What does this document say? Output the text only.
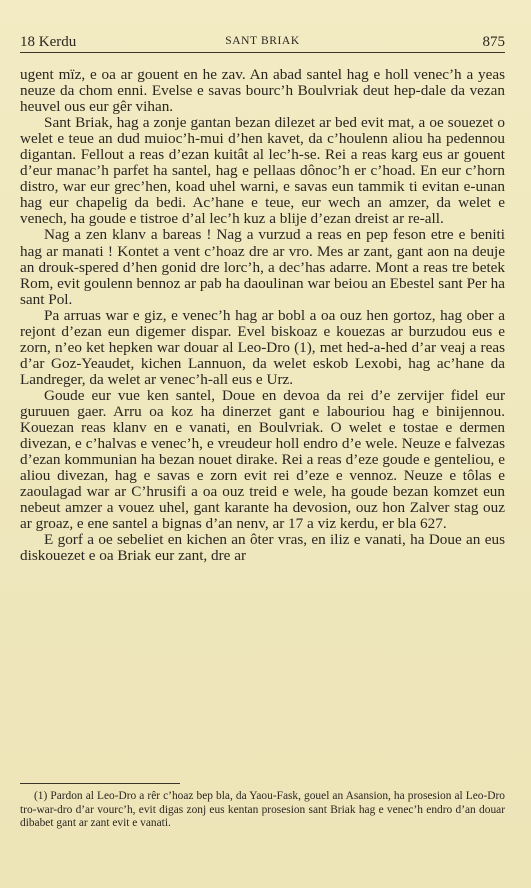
18 Kerdu	SANT BRIAK	875

ugent mïz, e oa ar gouent en he zav. An abad santel hag e holl venec’h a yeas neuze da chom enni. Evelse e savas bourc’h Boulvriak deut hep-dale da vezan heuvel ous eur gêr vihan.

Sant Briak, hag a zonje gantan bezan dilezet ar bed evit mat, a oe souezet o welet e teue an dud muioc’h-mui d’hen kavet, da c’houlenn aliou ha pedennou digantan. Fellout a reas d’ezan kuitât al lec’h-se. Rei a reas karg eus ar gouent d’eur manac’h parfet ha santel, hag e pellaas dônoc’h er c’hoad. En eur c’horn distro, war eur grec’hen, koad uhel warni, e savas eun tammik ti evitan e-unan hag eur chapelig da bedi. Ac’hane e teue, eur wech an amzer, da welet e venech, ha goude e tistroe d’al lec’h kuz a blije d’ezan dreist ar re-all.

Nag a zen klanv a bareas ! Nag a vurzud a reas en pep feson etre e beniti hag ar manati ! Kontet a vent c’hoaz dre ar vro. Mes ar zant, gant aon na deuje an drouk-spered d’hen gonid dre lorc’h, a dec’has adarre. Mont a reas tre betek Rom, evit goulenn bennoz ar pab ha daoulinan war beiou an Ebestel sant Per ha sant Pol.

Pa arruas war e giz, e venec’h hag ar bobl a oa ouz hen gortoz, hag ober a rejont d’ezan eun digemer dispar. Evel biskoaz e kouezas ar burzudou eus e zorn, n’eo ket hepken war douar al Leo-Dro (1), met hed-a-hed d’ar veaj a reas d’ar Goz-Yeaudet, kichen Lannuon, da welet eskob Lexobi, hag ac’hane da Landreger, da welet ar venec’h-all eus e Urz.

Goude eur vue ken santel, Doue en devoa da rei d’e zervijer fidel eur guruuen gaer. Arru oa koz ha dinerzet gant e labouriou hag e binijennou. Kouezan reas klanv en e vanati, en Boulvriak. O welet e tostae e dermen divezan, e c’halvas e venec’h, e vreudeur holl endro d’e wele. Neuze e falvezas d’ezan kommunian ha bezan nouet dirake. Rei a reas d’eze goude e genteliou, e aliou divezan, hag e savas e zorn evit rei d’eze e vennoz. Neuze e tôlas e zaoulagad war ar C’hrusifi a oa ouz treid e wele, ha goude bezan komzet eun nebeut amzer a vouez uhel, gant karante ha devosion, ouz hon Zalver stag ouz ar groaz, e ene santel a bignas d’an nenv, ar 17 a viz kerdu, er bla 627.

E gorf a oe sebeliet en kichen an ôter vras, en iliz e vanati, ha Doue an eus diskouezet e oa Briak eur zant, dre ar

(1) Pardon al Leo-Dro a rêr c’hoaz bep bla, da Yaou-Fask, gouel an Asansion, ha prosesion al Leo-Dro tro-war-dro d’ar vourc’h, evit digas zonj eus kentan prosesion sant Briak hag e venec’h endro d’an douar dibabet gant ar zant evit e vanati.
